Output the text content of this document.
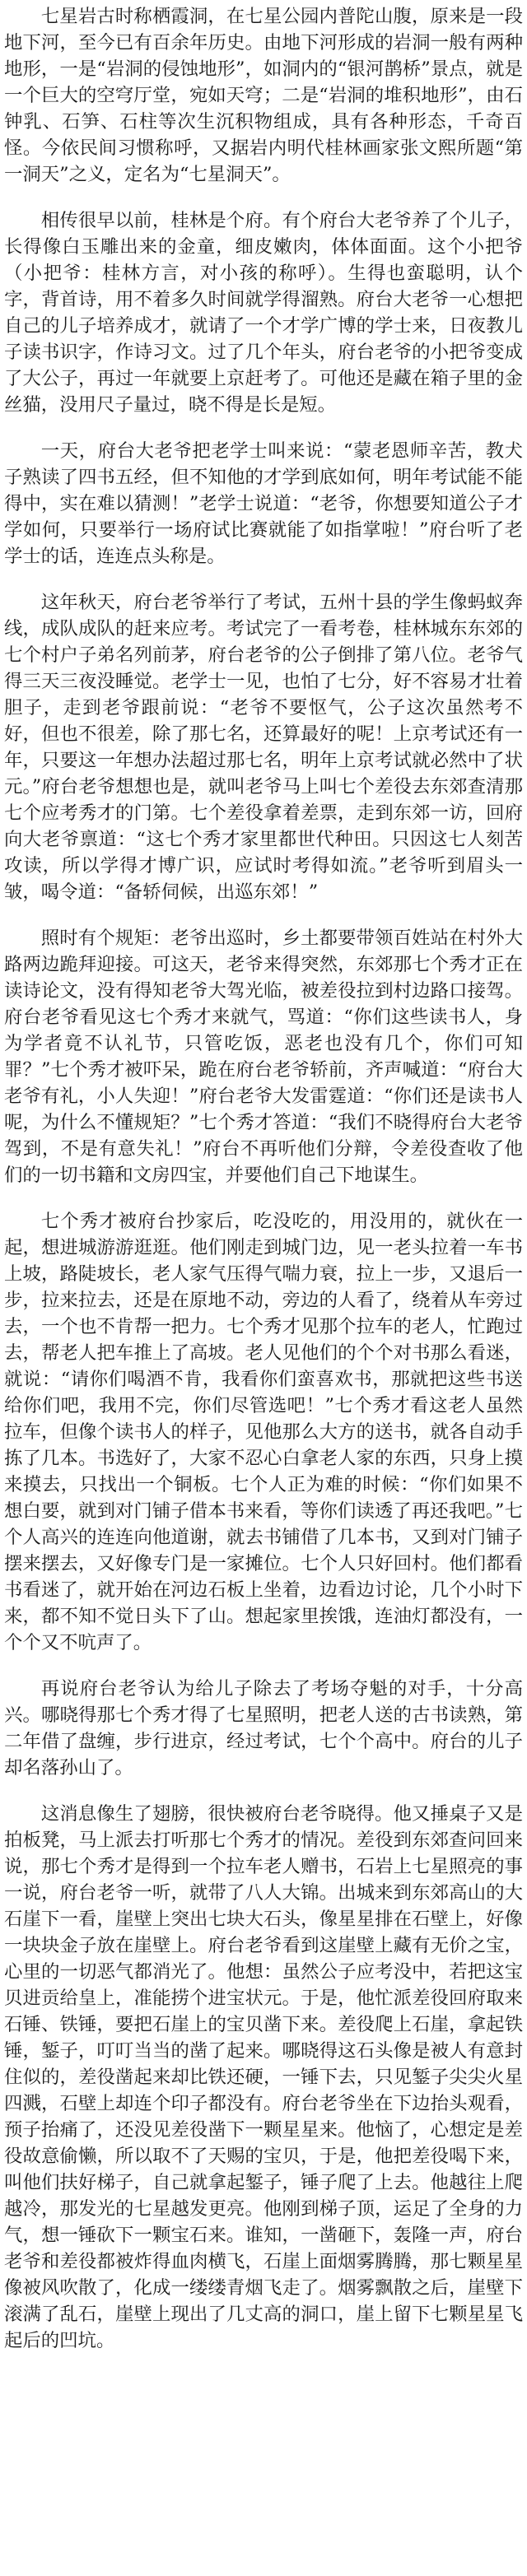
七星岩古时称栖霞洞，在七星公园内普陀山腹，原来是一段地下河，至今已有百余年历史。由地下河形成的岩洞一般有两种地形，一是“岩洞的侵蚀地形”，如洞内的“银河鹊桥”景点，就是一个巨大的空穹厅堂，宛如天穹；二是“岩洞的堆积地形”，由石钟乳、石笋、石柱等次生沉积物组成，具有各种形态，千奇百怪。今依民间习惯称呼，又据岩内明代桂林画家张文熙所题“第一洞天”之义，定名为“七星洞天”。

相传很早以前，桂林是个府。有个府台大老爷养了个儿子，长得像白玉雕出来的金童，细皮嫩肉，体体面面。这个小把爷（小把爷：桂林方言，对小孩的称呼）。生得也蛮聪明，认个字，背首诗，用不着多久时间就学得溜熟。府台大老爷一心想把自己的儿子培养成才，就请了一个才学广博的学士来，日夜教儿子读书识字，作诗习文。过了几个年头，府台老爷的小把爷变成了大公子，再过一年就要上京赶考了。可他还是藏在箱子里的金丝猫，没用尺子量过，晓不得是长是短。

一天，府台大老爷把老学士叫来说：“蒙老恩师辛苦，教犬子熟读了四书五经，但不知他的才学到底如何，明年考试能不能得中，实在难以猜测！”老学士说道：“老爷，你想要知道公子才学如何，只要举行一场府试比赛就能了如指掌啦！”府台听了老学士的话，连连点头称是。

这年秋天，府台老爷举行了考试，五州十县的学生像蚂蚁奔线，成队成队的赶来应考。考试完了一看考卷，桂林城东东郊的七个村户子弟名列前茅，府台老爷的公子倒排了第八位。老爷气得三天三夜没睡觉。老学士一见，也怕了七分，好不容易才壮着胆子，走到老爷跟前说：“老爷不要怄气，公子这次虽然考不好，但也不很差，除了那七名，还算最好的呢！上京考试还有一年，只要这一年想办法超过那七名，明年上京考试就必然中了状元。”府台老爷想想也是，就叫老爷马上叫七个差役去东郊查清那七个应考秀才的门第。七个差役拿着差票，走到东郊一访，回府向大老爷禀道：“这七个秀才家里都世代种田。只因这七人刻苦攻读，所以学得才博广识，应试时考得如流。”老爷听到眉头一皱，喝令道：“备轿伺候，出巡东郊！”

照时有个规矩：老爷出巡时，乡土都要带领百姓站在村外大路两边跪拜迎接。可这天，老爷来得突然，东郊那七个秀才正在读诗论文，没有得知老爷大驾光临，被差役拉到村边路口接驾。府台老爷看见这七个秀才来就气，骂道：“你们这些读书人，身为学者竟不认礼节，只管吃饭，恶老也没有几个，你们可知罪？”七个秀才被吓呆，跪在府台老爷轿前，齐声喊道：“府台大老爷有礼，小人失迎！”府台老爷大发雷霆道：“你们还是读书人呢，为什么不懂规矩？”七个秀才答道：“我们不晓得府台大老爷驾到，不是有意失礼！”府台不再听他们分辩，令差役查收了他们的一切书籍和文房四宝，并要他们自己下地谋生。

七个秀才被府台抄家后，吃没吃的，用没用的，就伙在一起，想进城游游逛逛。他们刚走到城门边，见一老头拉着一车书上坡，路陡坡长，老人家气压得气喘力衰，拉上一步，又退后一步，拉来拉去，还是在原地不动，旁边的人看了，绕着从车旁过去，一个也不肯帮一把力。七个秀才见那个拉车的老人，忙跑过去，帮老人把车推上了高坡。老人见他们的个个对书那么看迷，就说：“请你们喝酒不肯，我看你们蛮喜欢书，那就把这些书送给你们吧，我用不完，你们尽管选吧！”七个秀才看这老人虽然拉车，但像个读书人的样子，见他那么大方的送书，就各自动手拣了几本。书选好了，大家不忍心白拿老人家的东西，只身上摸来摸去，只找出一个铜板。七个人正为难的时候：“你们如果不想白要，就到对门铺子借本书来看，等你们读透了再还我吧。”七个人高兴的连连向他道谢，就去书铺借了几本书，又到对门铺子摆来摆去，又好像专门是一家摊位。七个人只好回村。他们都看书看迷了，就开始在河边石板上坐着，边看边讨论，几个小时下来，都不知不觉日头下了山。想起家里挨饿，连油灯都没有，一个个又不吭声了。

再说府台老爷认为给儿子除去了考场夺魁的对手，十分高兴。哪晓得那七个秀才得了七星照明，把老人送的古书读熟，第二年借了盘缠，步行进京，经过考试，七个个高中。府台的儿子却名落孙山了。

这消息像生了翅膀，很快被府台老爷晓得。他又捶桌子又是拍板凳，马上派去打听那七个秀才的情况。差役到东郊查问回来说，那七个秀才是得到一个拉车老人赠书，石岩上七星照亮的事一说，府台老爷一听，就带了八人大锦。出城来到东郊高山的大石崖下一看，崖壁上突出七块大石头，像星星排在石壁上，好像一块块金子放在崖壁上。府台老爷看到这崖壁上藏有无价之宝，心里的一切恶气都消光了。他想：虽然公子应考没中，若把这宝贝进贡给皇上，准能捞个进宝状元。于是，他忙派差役回府取来石锤、铁锤，要把石崖上的宝贝凿下来。差役爬上石崖，拿起铁锤，錾子，叮叮当当的凿了起来。哪晓得这石头像是被人有意封住似的，差役凿起来却比铁还硬，一锤下去，只见錾子尖尖火星四溅，石壁上却连个印子都没有。府台老爷坐在下边抬头观看，预子抬痛了，还没见差役凿下一颗星星来。他恼了，心想定是差役故意偷懒，所以取不了天赐的宝贝，于是，他把差役喝下来，叫他们扶好梯子，自己就拿起錾子，锤子爬了上去。他越往上爬越冷，那发光的七星越发更亮。他刚到梯子顶，运足了全身的力气，想一锤砍下一颗宝石来。谁知，一凿砸下，轰隆一声，府台老爷和差役都被炸得血肉横飞，石崖上面烟雾腾腾，那七颗星星像被风吹散了，化成一缕缕青烟飞走了。烟雾飘散之后，崖壁下滚满了乱石，崖壁上现出了几丈高的洞口，崖上留下七颗星星飞起后的凹坑。
